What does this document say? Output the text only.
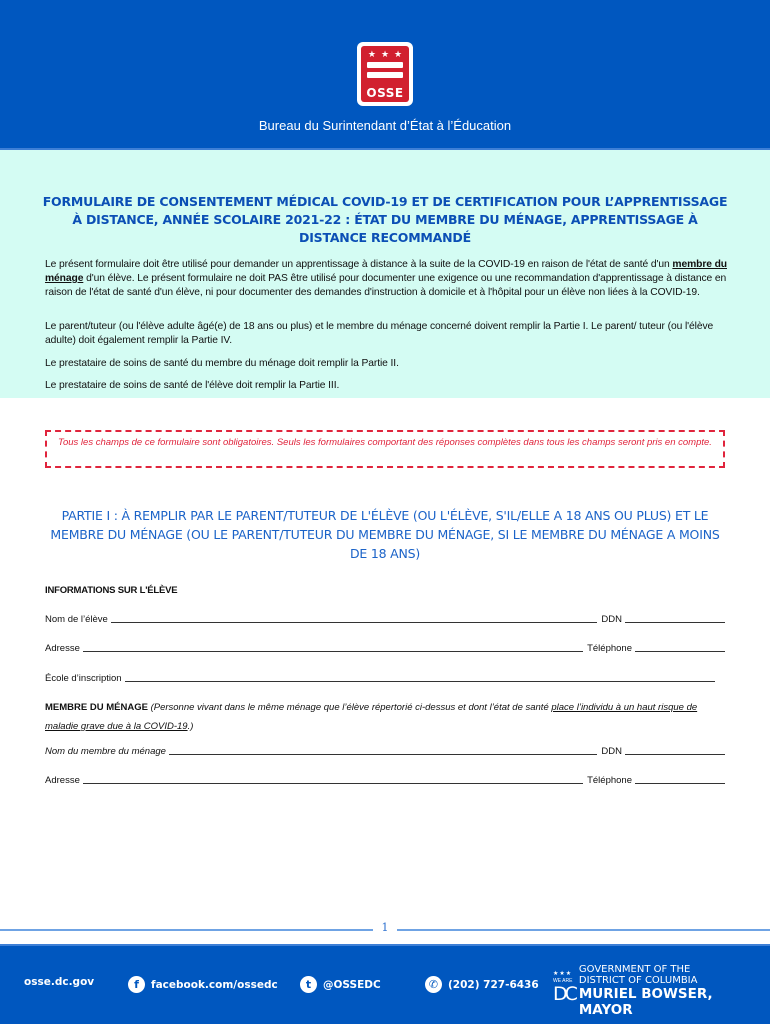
★★★
OSSE
Bureau du Surintendant d’État à l’Éducation
FORMULAIRE DE CONSENTEMENT MÉDICAL COVID-19 ET DE CERTIFICATION POUR L’APPRENTISSAGE À DISTANCE, ANNÉE SCOLAIRE 2021-22 : ÉTAT DU MEMBRE DU MÉNAGE, APPRENTISSAGE À DISTANCE RECOMMANDÉ
Le présent formulaire doit être utilisé pour demander un apprentissage à distance à la suite de la COVID-19 en raison de l'état de santé d'un membre du ménage d'un élève. Le présent formulaire ne doit PAS être utilisé pour documenter une exigence ou une recommandation d'apprentissage à distance en raison de l'état de santé d'un élève, ni pour documenter des demandes d'instruction à domicile et à l'hôpital pour un élève non liées à la COVID-19.
Le parent/tuteur (ou l'élève adulte âgé(e) de 18 ans ou plus) et le membre du ménage concerné doivent remplir la Partie I. Le parent/ tuteur (ou l'élève adulte) doit également remplir la Partie IV.
Le prestataire de soins de santé du membre du ménage doit remplir la Partie II.
Le prestataire de soins de santé de l'élève doit remplir la Partie III.
Tous les champs de ce formulaire sont obligatoires. Seuls les formulaires comportant des réponses complètes dans tous les champs seront pris en compte.
PARTIE I : À REMPLIR PAR LE PARENT/TUTEUR DE L'ÉLÈVE (OU L'ÉLÈVE, S'IL/ELLE A 18 ANS OU PLUS) ET LE MEMBRE DU MÉNAGE (OU LE PARENT/TUTEUR DU MEMBRE DU MÉNAGE, SI LE MEMBRE DU MÉNAGE A MOINS DE 18 ANS)
INFORMATIONS SUR L'ÉLÈVE
Nom de l’élève	DDN
Adresse	Téléphone
École d’inscription
MEMBRE DU MÉNAGE (Personne vivant dans le même ménage que l’élève répertorié ci-dessus et dont l’état de santé place l’individu à un haut risque de maladie grave due à la COVID-19.)
Nom du membre du ménage	DDN
Adresse	Téléphone
1
osse.dc.gov	f	facebook.com/ossedc	t	@OSSEDC	✆ (202) 727-6436
★★★
WE ARE
DC
GOVERNMENT OF THE
DISTRICT OF COLUMBIA
MURIEL BOWSER, MAYOR
